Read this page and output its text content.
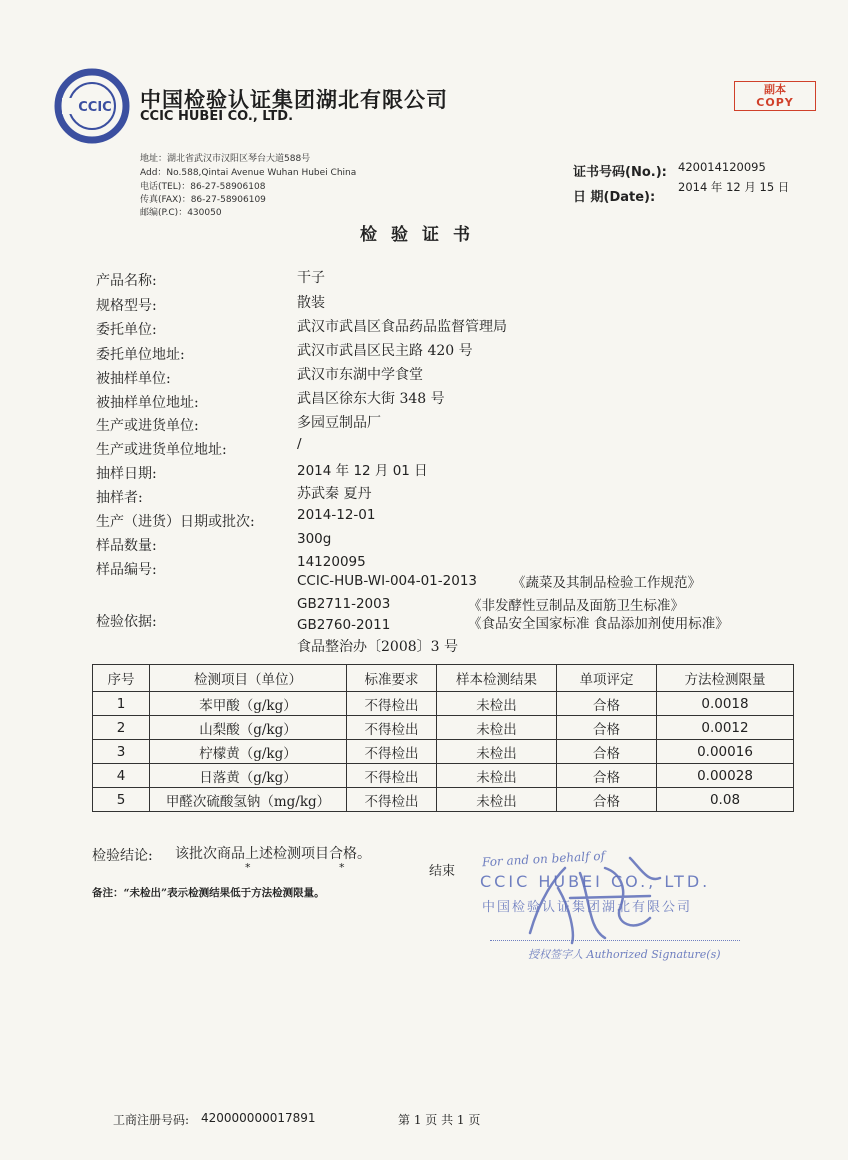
CCIC 中国检验认证集团湖北有限公司
CCIC HUBEI CO., LTD.
副本
COPY
地址：湖北省武汉市汉阳区琴台大道588号
Add：No.588,Qintai Avenue Wuhan Hubei China
电话(TEL)：86-27-58906108
传真(FAX)：86-27-58906109
邮编(P.C)：430050
证书号码(No.): 420014120095
日 期(Date):
2014 年 12 月 15 日
检验证书
产品名称:	干子
规格型号:	散装
委托单位:	武汉市武昌区食品药品监督管理局
委托单位地址:	武汉市武昌区民主路 420 号
被抽样单位:	武汉市东湖中学食堂
被抽样单位地址:	武昌区徐东大街 348 号
生产或进货单位:	多园豆制品厂
生产或进货单位地址:	/
抽样日期:	2014 年 12 月 01 日
抽样者:	苏武秦 夏丹
生产（进货）日期或批次:	2014-12-01
样品数量:	300g
样品编号:	14120095
检验依据:
CCIC-HUB-WI-004-01-2013	《蔬菜及其制品检验工作规范》
GB2711-2003	《非发酵性豆制品及面筋卫生标准》
GB2760-2011	《食品安全国家标准 食品添加剂使用标准》
食品整治办〔2008〕3 号
序号	检测项目（单位）	标准要求	样本检测结果	单项评定	方法检测限量
1	苯甲酸（g/kg）	不得检出	未检出	合格	0.0018
2	山梨酸（g/kg）	不得检出	未检出	合格	0.0012
3	柠檬黄（g/kg）	不得检出	未检出	合格	0.00016
4	日落黄（g/kg）	不得检出	未检出	合格	0.00028
5	甲醛次硫酸氢钠（mg/kg）	不得检出	未检出	合格	0.08
检验结论: 该批次商品上述检测项目合格。
*	*	结束
备注：“未检出”表示检测结果低于方法检测限量。
For and on behalf of
CCIC HUBEI CO., LTD.
中国检验认证集团湖北有限公司
授权签字人 Authorized Signature(s)
工商注册号码: 420000000017891	第 1 页 共 1 页
